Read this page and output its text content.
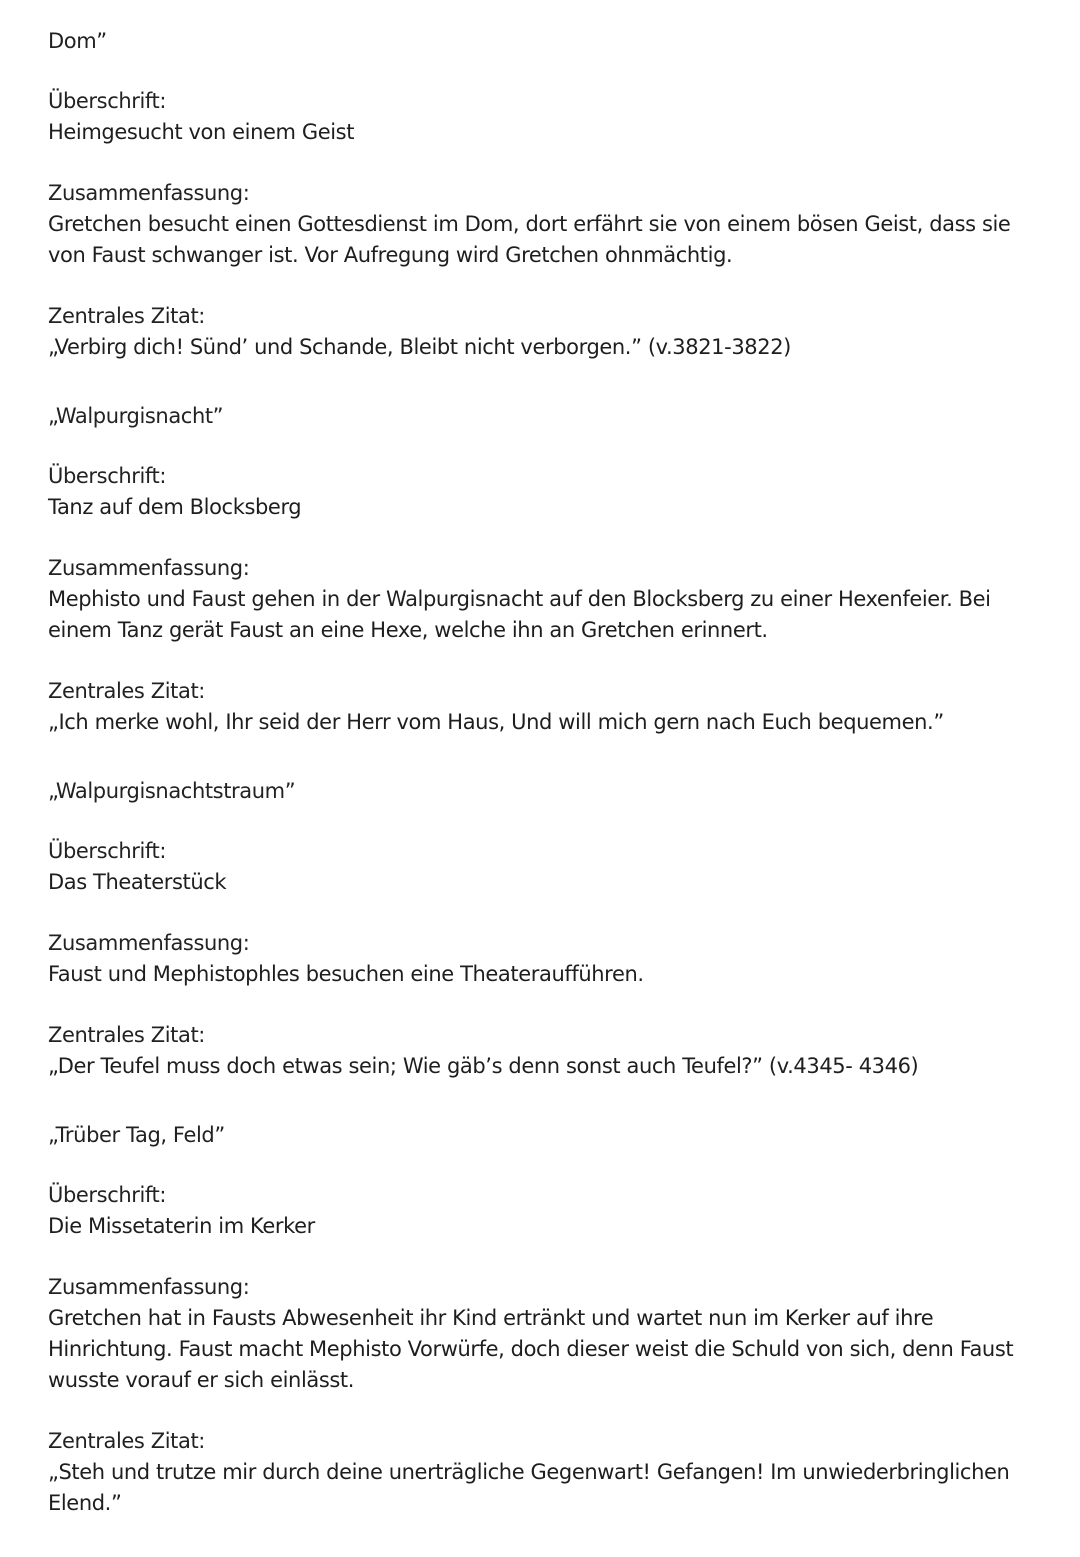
Dom”

Überschrift:

Heimgesucht von einem Geist

Zusammenfassung:

Gretchen besucht einen Gottesdienst im Dom, dort erfährt sie von einem bösen Geist, dass sie von Faust schwanger ist. Vor Aufregung wird Gretchen ohnmächtig.

Zentrales Zitat:

„Verbirg dich! Sünd’ und Schande, Bleibt nicht verborgen.” (v.3821-3822)

„Walpurgisnacht”

Überschrift:

Tanz auf dem Blocksberg

Zusammenfassung:

Mephisto und Faust gehen in der Walpurgisnacht auf den Blocksberg zu einer Hexenfeier. Bei einem Tanz gerät Faust an eine Hexe, welche ihn an Gretchen erinnert.

Zentrales Zitat:

„Ich merke wohl, Ihr seid der Herr vom Haus, Und will mich gern nach Euch bequemen.”

„Walpurgisnachtstraum”

Überschrift:

Das Theaterstück

Zusammenfassung:

Faust und Mephistophles besuchen eine Theateraufführen.

Zentrales Zitat:

„Der Teufel muss doch etwas sein; Wie gäb’s denn sonst auch Teufel?” (v.4345- 4346)

„Trüber Tag, Feld”

Überschrift:

Die Missetaterin im Kerker

Zusammenfassung:

Gretchen hat in Fausts Abwesenheit ihr Kind ertränkt und wartet nun im Kerker auf ihre Hinrichtung. Faust macht Mephisto Vorwürfe, doch dieser weist die Schuld von sich, denn Faust wusste vorauf er sich einlässt.

Zentrales Zitat:

„Steh und trutze mir durch deine unerträgliche Gegenwart! Gefangen! Im unwiederbringlichen Elend.”
